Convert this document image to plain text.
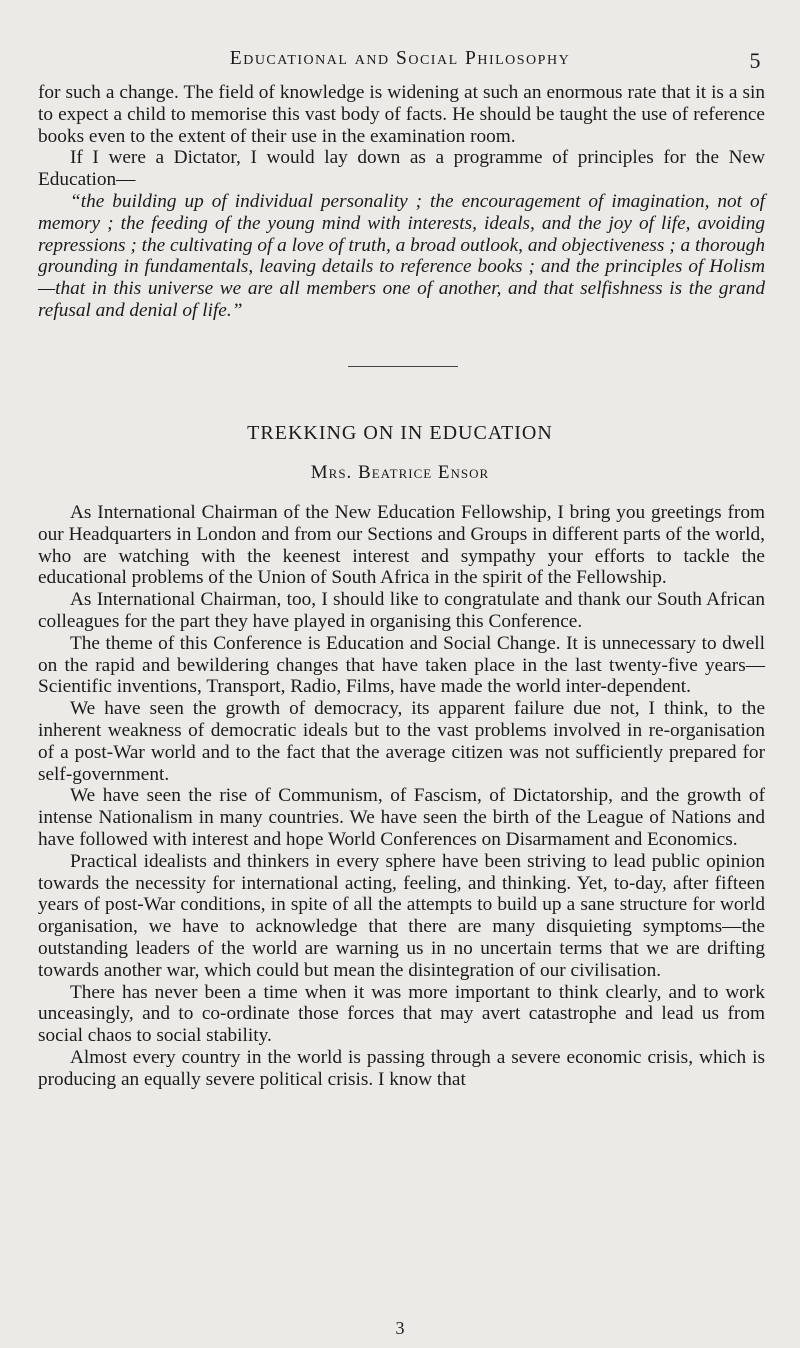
Educational and Social Philosophy	5

for such a change. The field of knowledge is widening at such an enormous rate that it is a sin to expect a child to memorise this vast body of facts. He should be taught the use of reference books even to the extent of their use in the examination room.

If I were a Dictator, I would lay down as a programme of principles for the New Education—

“the building up of individual personality ; the encouragement of imagination, not of memory ; the feeding of the young mind with interests, ideals, and the joy of life, avoiding repressions ; the cultivating of a love of truth, a broad outlook, and objectiveness ; a thorough grounding in fundamentals, leaving details to reference books ; and the principles of Holism—that in this universe we are all members one of another, and that selfishness is the grand refusal and denial of life.”

TREKKING ON IN EDUCATION
Mrs. Beatrice Ensor

As International Chairman of the New Education Fellowship, I bring you greetings from our Headquarters in London and from our Sections and Groups in different parts of the world, who are watching with the keenest interest and sympathy your efforts to tackle the educational problems of the Union of South Africa in the spirit of the Fellowship.

As International Chairman, too, I should like to congratulate and thank our South African colleagues for the part they have played in organising this Conference.

The theme of this Conference is Education and Social Change. It is unnecessary to dwell on the rapid and bewildering changes that have taken place in the last twenty-five years—Scientific inventions, Transport, Radio, Films, have made the world inter-dependent.

We have seen the growth of democracy, its apparent failure due not, I think, to the inherent weakness of democratic ideals but to the vast problems involved in re-organisation of a post-War world and to the fact that the average citizen was not sufficiently prepared for self-government.

We have seen the rise of Communism, of Fascism, of Dictatorship, and the growth of intense Nationalism in many countries. We have seen the birth of the League of Nations and have followed with interest and hope World Conferences on Disarmament and Economics.

Practical idealists and thinkers in every sphere have been striving to lead public opinion towards the necessity for international acting, feeling, and thinking. Yet, to-day, after fifteen years of post-War conditions, in spite of all the attempts to build up a sane structure for world organisation, we have to acknowledge that there are many disquieting symptoms—the outstanding leaders of the world are warning us in no uncertain terms that we are drifting towards another war, which could but mean the disintegration of our civilisation.

There has never been a time when it was more important to think clearly, and to work unceasingly, and to co-ordinate those forces that may avert catastrophe and lead us from social chaos to social stability.

Almost every country in the world is passing through a severe economic crisis, which is producing an equally severe political crisis. I know that

3
